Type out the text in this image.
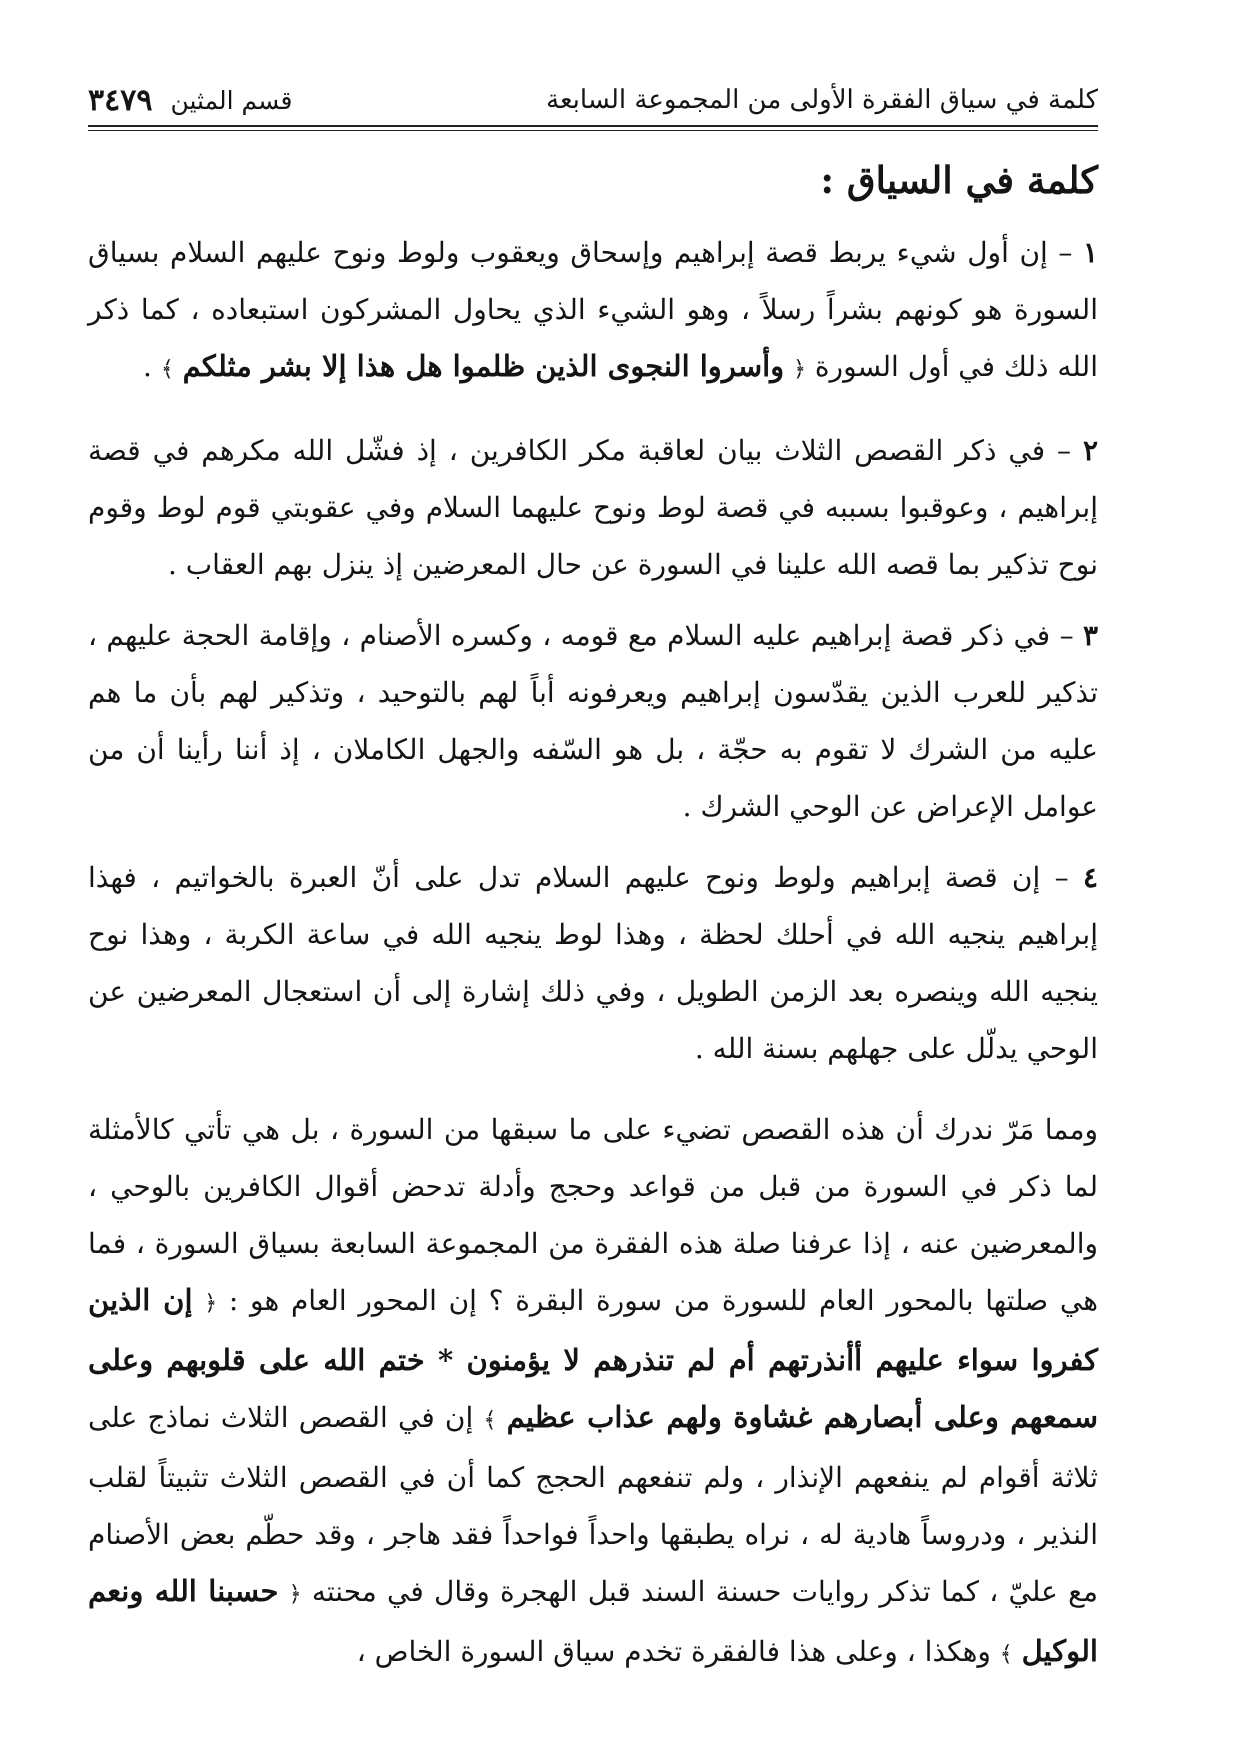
كلمة في سياق الفقرة الأولى من المجموعة السابعة
قسم المثين
٣٤٧٩
كلمة في السياق :

١ – إن أول شيء يربط قصة إبراهيم وإسحاق ويعقوب ولوط ونوح عليهم السلام بسياق السورة هو كونهم بشراً رسلاً ، وهو الشيء الذي يحاول المشركون استبعاده ، كما ذكر الله ذلك في أول السورة ﴿ وأسروا النجوى الذين ظلموا هل هذا إلا بشر مثلكم ﴾ .

٢ – في ذكر القصص الثلاث بيان لعاقبة مكر الكافرين ، إذ فشّل الله مكرهم في قصة إبراهيم ، وعوقبوا بسببه في قصة لوط ونوح عليهما السلام وفي عقوبتي قوم لوط وقوم نوح تذكير بما قصه الله علينا في السورة عن حال المعرضين إذ ينزل بهم العقاب .

٣ – في ذكر قصة إبراهيم عليه السلام مع قومه ، وكسره الأصنام ، وإقامة الحجة عليهم ، تذكير للعرب الذين يقدّسون إبراهيم ويعرفونه أباً لهم بالتوحيد ، وتذكير لهم بأن ما هم عليه من الشرك لا تقوم به حجّة ، بل هو السّفه والجهل الكاملان ، إذ أننا رأينا أن من عوامل الإعراض عن الوحي الشرك .

٤ – إن قصة إبراهيم ولوط ونوح عليهم السلام تدل على أنّ العبرة بالخواتيم ، فهذا إبراهيم ينجيه الله في أحلك لحظة ، وهذا لوط ينجيه الله في ساعة الكربة ، وهذا نوح ينجيه الله وينصره بعد الزمن الطويل ، وفي ذلك إشارة إلى أن استعجال المعرضين عن الوحي يدلّل على جهلهم بسنة الله .

ومما مَرّ ندرك أن هذه القصص تضيء على ما سبقها من السورة ، بل هي تأتي كالأمثلة لما ذكر في السورة من قبل من قواعد وحجج وأدلة تدحض أقوال الكافرين بالوحي ، والمعرضين عنه ، إذا عرفنا صلة هذه الفقرة من المجموعة السابعة بسياق السورة ، فما هي صلتها بالمحور العام للسورة من سورة البقرة ؟ إن المحور العام هو : ﴿ إن الذين كفروا سواء عليهم أأنذرتهم أم لم تنذرهم لا يؤمنون * ختم الله على قلوبهم وعلى سمعهم وعلى أبصارهم غشاوة ولهم عذاب عظيم ﴾ إن في القصص الثلاث نماذج على ثلاثة أقوام لم ينفعهم الإنذار ، ولم تنفعهم الحجج كما أن في القصص الثلاث تثبيتاً لقلب النذير ، ودروساً هادية له ، نراه يطبقها واحداً فواحداً فقد هاجر ، وقد حطّم بعض الأصنام مع عليّ ، كما تذكر روايات حسنة السند قبل الهجرة وقال في محنته ﴿ حسبنا الله ونعم الوكيل ﴾ وهكذا ، وعلى هذا فالفقرة تخدم سياق السورة الخاص ،
